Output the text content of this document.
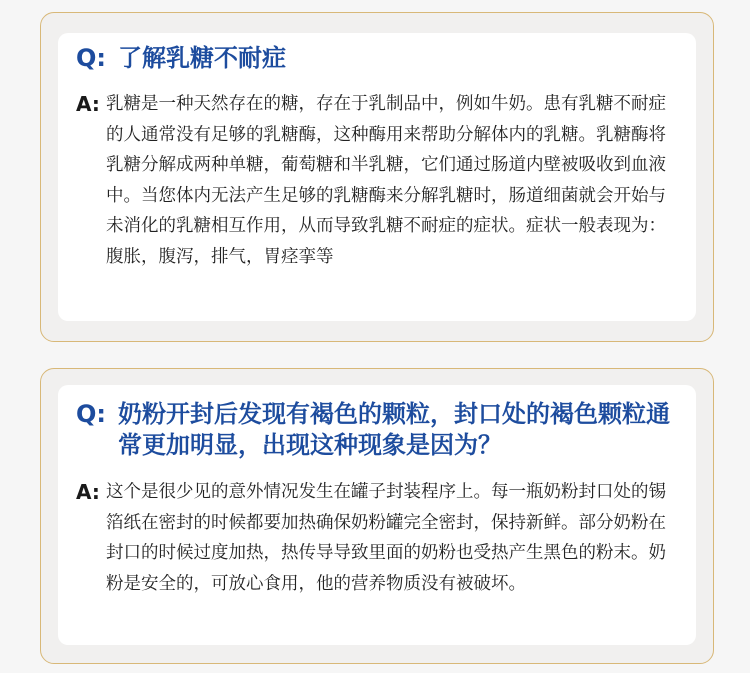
Q: 了解乳糖不耐症
A: 乳糖是一种天然存在的糖，存在于乳制品中，例如牛奶。患有乳糖不耐症的人通常没有足够的乳糖酶，这种酶用来帮助分解体内的乳糖。乳糖酶将乳糖分解成两种单糖，葡萄糖和半乳糖，它们通过肠道内壁被吸收到血液中。当您体内无法产生足够的乳糖酶来分解乳糖时，肠道细菌就会开始与未消化的乳糖相互作用，从而导致乳糖不耐症的症状。症状一般表现为：腹胀，腹泻，排气，胃痉挛等
Q: 奶粉开封后发现有褐色的颗粒，封口处的褐色颗粒通常更加明显，出现这种现象是因为？
A: 这个是很少见的意外情况发生在罐子封装程序上。每一瓶奶粉封口处的锡箔纸在密封的时候都要加热确保奶粉罐完全密封，保持新鲜。部分奶粉在封口的时候过度加热，热传导导致里面的奶粉也受热产生黑色的粉末。奶粉是安全的，可放心食用，他的营养物质没有被破坏。
